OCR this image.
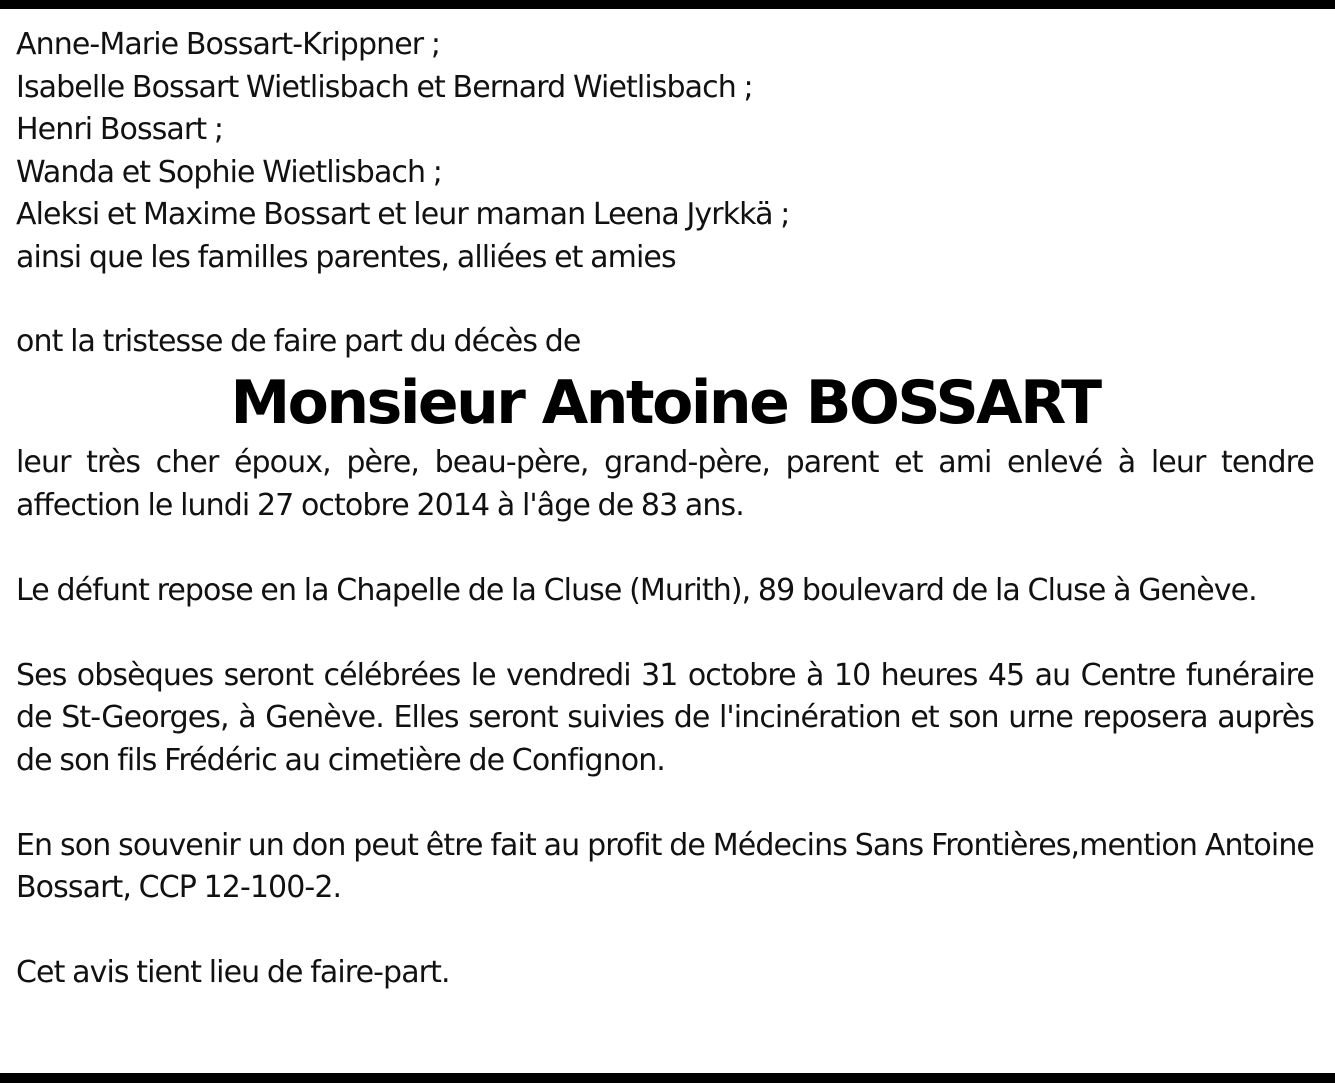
Anne-Marie Bossart-Krippner ;
Isabelle Bossart Wietlisbach et Bernard Wietlisbach ;
Henri Bossart ;
Wanda et Sophie Wietlisbach ;
Aleksi et Maxime Bossart et leur maman Leena Jyrkkä ;
ainsi que les familles parentes, alliées et amies
ont la tristesse de faire part du décès de
Monsieur Antoine BOSSART

leur très cher époux, père, beau-père, grand-père, parent et ami enlevé à leur tendre affection le lundi 27 octobre 2014 à l'âge de 83 ans.

Le défunt repose en la Chapelle de la Cluse (Murith), 89 boulevard de la Cluse à Genève.

Ses obsèques seront célébrées le vendredi 31 octobre à 10 heures 45 au Centre funéraire de St-Georges, à Genève. Elles seront suivies de l'incinération et son urne reposera auprès de son fils Frédéric au cimetière de Confignon.

En son souvenir un don peut être fait au profit de Médecins Sans Frontières,mention Antoine Bossart, CCP 12-100-2.

Cet avis tient lieu de faire-part.
